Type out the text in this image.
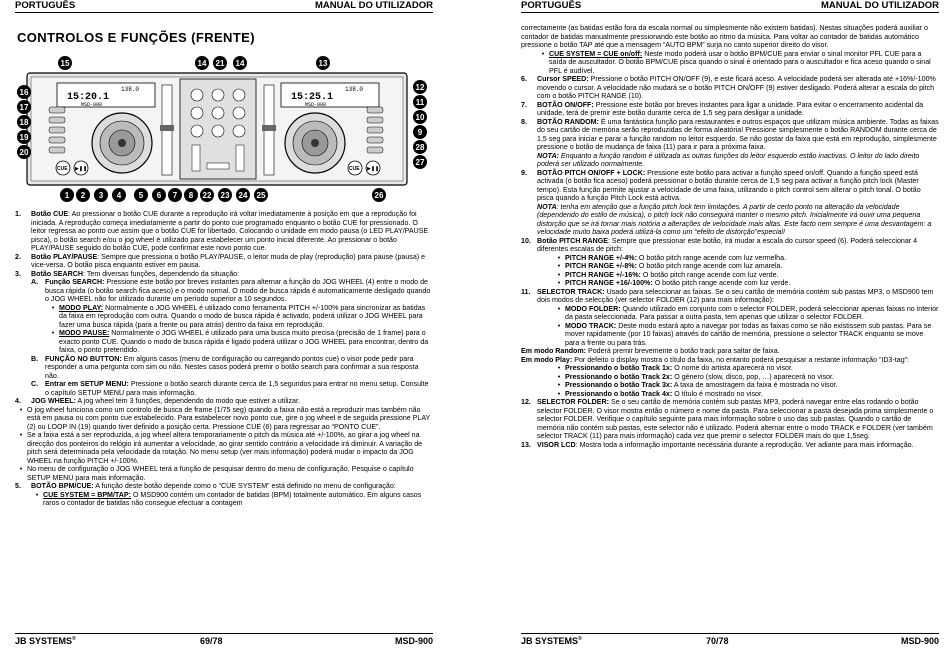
PORTUGUÊS	MANUAL DO UTILIZADOR
CONTROLOS E FUNÇÕES (FRENTE)
15:20.1
138.0
MSD-900
CUE ▶❚❚
15:25.1
138.0
MSD-900
CUE ▶❚❚
15	14 21 14	13
16
17
18
19
20
12
11
10
9
28
27
1 2 3 4 5 6 7 8 22 23 24 25	26
1.	Botão CUE: Ao pressionar o botão CUE durante a reprodução irá voltar imediatamente à posição em que a reprodução foi iniciada. A reprodução começa imediatamente a partir do ponto cue programado enquanto o botão CUE for pressionado. O leitor regressa ao ponto cue assim que o botão CUE for libertado. Colocando o unidade em modo pausa (o LED PLAY/PAUSE pisca), o botão search e/ou o jog wheel é utilizado para estabelecer um ponto inicial diferente. Ao pressionar o botão PLAY/PAUSE seguido do botão CUE, pode confirmar este novo ponto cue.
2.	Botão PLAY/PAUSE: Sempre que pressiona o botão PLAY/PAUSE, o leitor muda de play (reprodução) para pause (pausa) e vice-versa. O botão pisca enquanto estiver em pausa.
3.	Botão SEARCH: Tem diversas funções, dependendo da situação:
A. Função SEARCH: Pressione este botão por breves instantes para alternar a função do JOG WHEEL (4) entre o modo de busca rápida (o botão search fica aceso) e o modo normal. O modo de busca rápida é automaticamente desligado quando o JOG WHEEL não for utilizado durante um período superior a 10 segundos.
• MODO PLAY: Normalmente o JOG WHEEL é utilizado como ferramenta PITCH +/-100% para sincronizar as batidas da faixa em reprodução com outra. Quando o modo de busca rápida é activado, poderá utilizar o JOG WHEEL para fazer uma busca rápida (para a frente ou para atrás) dentro da faixa em reprodução.
• MODO PAUSE: Normalmente o JOG WHEEL é utilizado para uma busca muito precisa (precisão de 1 frame) para o exacto ponto CUE. Quando o modo de busca rápida é ligado poderá utilizar o JOG WHEEL para encontrar, dentro da faixa, o ponto pretendido.
B. FUNÇÃO NO BUTTON: Em alguns casos (menu de configuração ou carregando pontos cue) o visor pode pedir para responder a uma pergunta com sim ou não. Nestes casos poderá premir o botão search para confirmar a sua resposta não.
C. Entrar em SETUP MENU: Pressione o botão search durante cerca de 1,5 segundos para entrar no menu setup. Consulte o capítulo SETUP MENU para mais informação.
4.	JOG WHEEL: A jog wheel tem 3 funções, dependendo do modo que estiver a utilizar.
• O jog wheel funciona como um controlo de busca de frame (1/75 seg) quando a faixa não está a reproduzir mas também não está em pausa ou com ponto cue estabelecido. Para estabelecer novo ponto cue, gire o jog wheel e de seguida pressione PLAY (2) ou LOOP IN (19) quando tiver definido a posição certa. Pressione CUE (6) para regressar ao “PONTO CUE”.
• Se a faixa está a ser reproduzida, a jog wheel altera temporariamente o pitch da música até +/-100%, ao girar a jog wheel na direcção dos ponteiros do relógio irá aumentar a velocidade, ao girar sentido contrário a velocidade irá diminuir. A variação de pitch será determinada pela velocidade da rotação. No menu setup (ver mais informação) poderá mudar o impacto da JOG WHEEL na função PITCH +/-100%.
• No menu de configuração o JOG WHEEL terá a função de pesquisar dentro do menu de configuração. Pesquise o capítulo SETUP MENU para mais informação.
5.	BOTÃO BPM/CUE: A função deste botão depende como o “CUE SYSTEM” está definido no menu de configuração:
• CUE SYSTEM = BPM/TAP: O MSD900 contém um contador de batidas (BPM) totalmente automático. Em alguns casos raros o contador de batidas não consegue efectuar a contagem
JB SYSTEMS®	69/78	MSD-900
PORTUGUÊS	MANUAL DO UTILIZADOR

correctamente (as batidas estão fora da escala normal ou simplesmente não existem batidas). Nestas situações poderá auxiliar o contador de batidas manualmente pressionando este botão ao ritmo da música. Para voltar ao contador de batidas automático pressione o botão TAP até que a mensagem “AUTO BPM” surja no canto superior direito do visor.

• CUE SYSTEM = CUE on/off: Neste modo poderá usar o botão BPM/CUE para enviar o sinal monitor PFL CUE para a saída de auscultador. O botão BPM/CUE pisca quando o sinal é orientado para o auscultador e fica aceso quando o sinal PFL é audível.
6.	Cursor SPEED: Pressione o botão PITCH ON/OFF (9), e este ficará aceso. A velocidade poderá ser alterada até +16%/-100% movendo o cursor. A velocidade não mudará se o botão PITCH ON/OFF (9) estiver desligado. Poderá alterar a escala do pitch com o botão PITCH RANGE (10).
7.	BOTÃO ON/OFF: Pressione este botão por breves instantes para ligar a unidade. Para evitar o encerramento acidental da unidade, terá de premir este botão durante cerca de 1,5 seg para desligar a unidade.
8.	BOTÃO RANDOM: É uma fantástica função para restaurantes e outros espaços que utilizam música ambiente. Todas as faixas do seu cartão de memória serão reproduzidas de forma aleatória! Pressione simplesmente o botão RANDOM durante cerca de 1,5 seg para iniciar e parar a função random no leitor esquerdo. Se não gostar da faixa que está em reprodução, simplesmente pressione o botão de mudança de faixa (11) para ir para a próxima faixa.
NOTA: Enquanto a função random é utilizada as outras funções do leitor esquerdo estão inactivas. O leitor do lado direito poderá ser utilizado normalmente.
9.	BOTÃO PITCH ON/OFF + LOCK: Pressione este botão para activar a função speed on/off. Quando a função speed está activada (o botão fica aceso) poderá pressionar o botão durante cerca de 1,5 seg para activar a função pitch lock (Master tempo). Esta função permite ajustar a velocidade de uma faixa, utilizando o pitch control sem alterar o pitch tonal. O botão pisca quando a função Pitch Lock está activa.
NOTA: tenha em atenção que a função pitch lock tem limitações. A partir de certo ponto na alteração da velocidade (dependendo do estilo de música), o pitch lock não conseguirá manter o mesmo pitch. Inicialmente irá ouvir uma pequena distorção que se irá tornar mais notória a alterações de velocidade mais altas. Este facto nem sempre é uma desvantagem: a velocidade muito baixa poderá utilizá-la como um “efeito de distorção”especial!
10. Botão PITCH RANGE: Sempre que pressionar este botão, irá mudar a escala do cursor speed (6). Poderá seleccionar 4 diferentes escalas de pitch:
• PITCH RANGE +/-4%: O botão pitch range acende com luz vermelha.
• PITCH RANGE +/-8%: O botão pitch range acende com luz amarela.
• PITCH RANGE +/-16%: O botão pitch range acende com luz verde.
• PITCH RANGE +16/-100%: O botão pitch range acende com luz verde.
11. SELECTOR TRACK: Usado para seleccionar as faixas. Se o seu cartão de memória contém sub pastas MP3, o MSD900 tem dois modos de selecção (ver selector FOLDER (12) para mais informação):
• MODO FOLDER: Quando utilizado em conjunto com o selector FOLDER, poderá seleccionar apenas faixas no interior da pasta seleccionada. Para passar a outra pasta, tem apenas que utilizar o selector FOLDER.
• MODO TRACK: Deste modo estará apto a navegar por todas as faixas como se não existissem sub pastas. Para se mover rapidamente (por 10 faixas) através do cartão de memória, pressione o selector TRACK enquanto se move para a frente ou para trás.

Em modo Random: Poderá premir brevemente o botão track para saltar de faixa.

Em modo Play: Por defeito o display mostra o título da faixa, no entanto poderá pesquisar a restante informação “ID3-tag”:

• Pressionando o botão Track 1x: O nome do artista aparecerá no visor.
• Pressionando o botão Track 2x: O género (slow, disco, pop, …) aparecerá no visor.
• Pressionando o botão Track 3x: A taxa de amostragem da faixa é mostrada no visor.
• Pressionando o botão Track 4x: O título é mostrado no visor.
12. SELECTOR FOLDER: Se o seu cartão de memória contém sub pastas MP3, poderá navegar entre elas rodando o botão selector FOLDER. O visor mostra então o número e nome da pasta. Para seleccionar a pasta desejada prima simplesmente o selector FOLDER. Verifique o capítulo seguinte para mais informação sobre o uso das sub pastas. Quando o cartão de memória não contém sub pastas, este selector não é utilizado. Poderá alternar entre o modo TRACK e FOLDER (ver também selector TRACK (11) para mais informação) cada vez que premir o selector FOLDER mais do que 1,5seg.
13. VISOR LCD: Mostra toda a informação importante necessária durante a reprodução. Ver adiante para mais informação.
JB SYSTEMS®	70/78	MSD-900
